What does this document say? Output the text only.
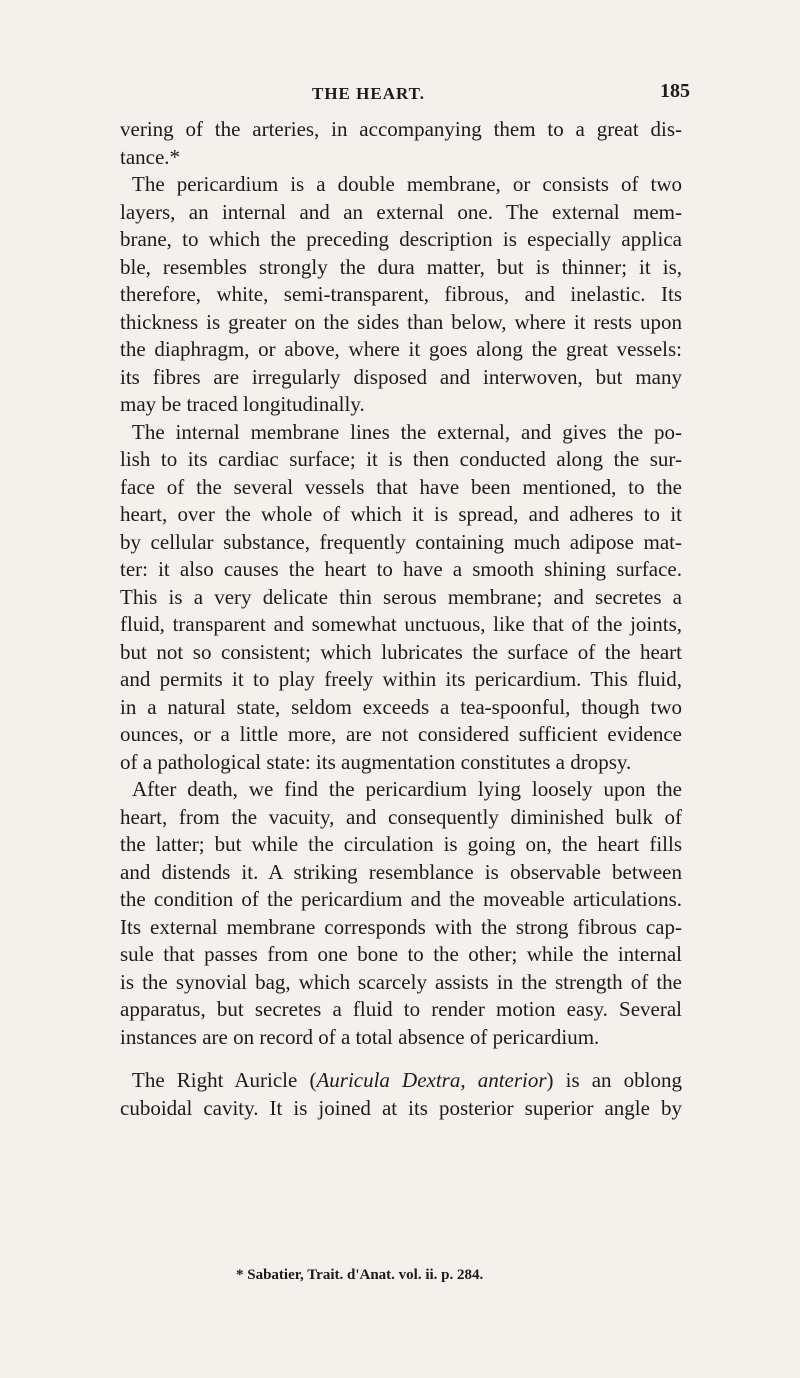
THE HEART.	185
vering of the arteries, in accompanying them to a great dis-
tance.*
The pericardium is a double membrane, or consists of two
layers, an internal and an external one. The external mem-
brane, to which the preceding description is especially applica
ble, resembles strongly the dura matter, but is thinner; it is,
therefore, white, semi-transparent, fibrous, and inelastic. Its
thickness is greater on the sides than below, where it rests upon
the diaphragm, or above, where it goes along the great vessels:
its fibres are irregularly disposed and interwoven, but many
may be traced longitudinally.
The internal membrane lines the external, and gives the po-
lish to its cardiac surface; it is then conducted along the sur-
face of the several vessels that have been mentioned, to the
heart, over the whole of which it is spread, and adheres to it
by cellular substance, frequently containing much adipose mat-
ter: it also causes the heart to have a smooth shining surface.
This is a very delicate thin serous membrane; and secretes a
fluid, transparent and somewhat unctuous, like that of the joints,
but not so consistent; which lubricates the surface of the heart
and permits it to play freely within its pericardium. This fluid,
in a natural state, seldom exceeds a tea-spoonful, though two
ounces, or a little more, are not considered sufficient evidence
of a pathological state: its augmentation constitutes a dropsy.
After death, we find the pericardium lying loosely upon the
heart, from the vacuity, and consequently diminished bulk of
the latter; but while the circulation is going on, the heart fills
and distends it. A striking resemblance is observable between
the condition of the pericardium and the moveable articulations.
Its external membrane corresponds with the strong fibrous cap-
sule that passes from one bone to the other; while the internal
is the synovial bag, which scarcely assists in the strength of the
apparatus, but secretes a fluid to render motion easy. Several
instances are on record of a total absence of pericardium.
The Right Auricle (Auricula Dextra, anterior) is an oblong
cuboidal cavity. It is joined at its posterior superior angle by
* Sabatier, Trait. d'Anat. vol. ii. p. 284.
